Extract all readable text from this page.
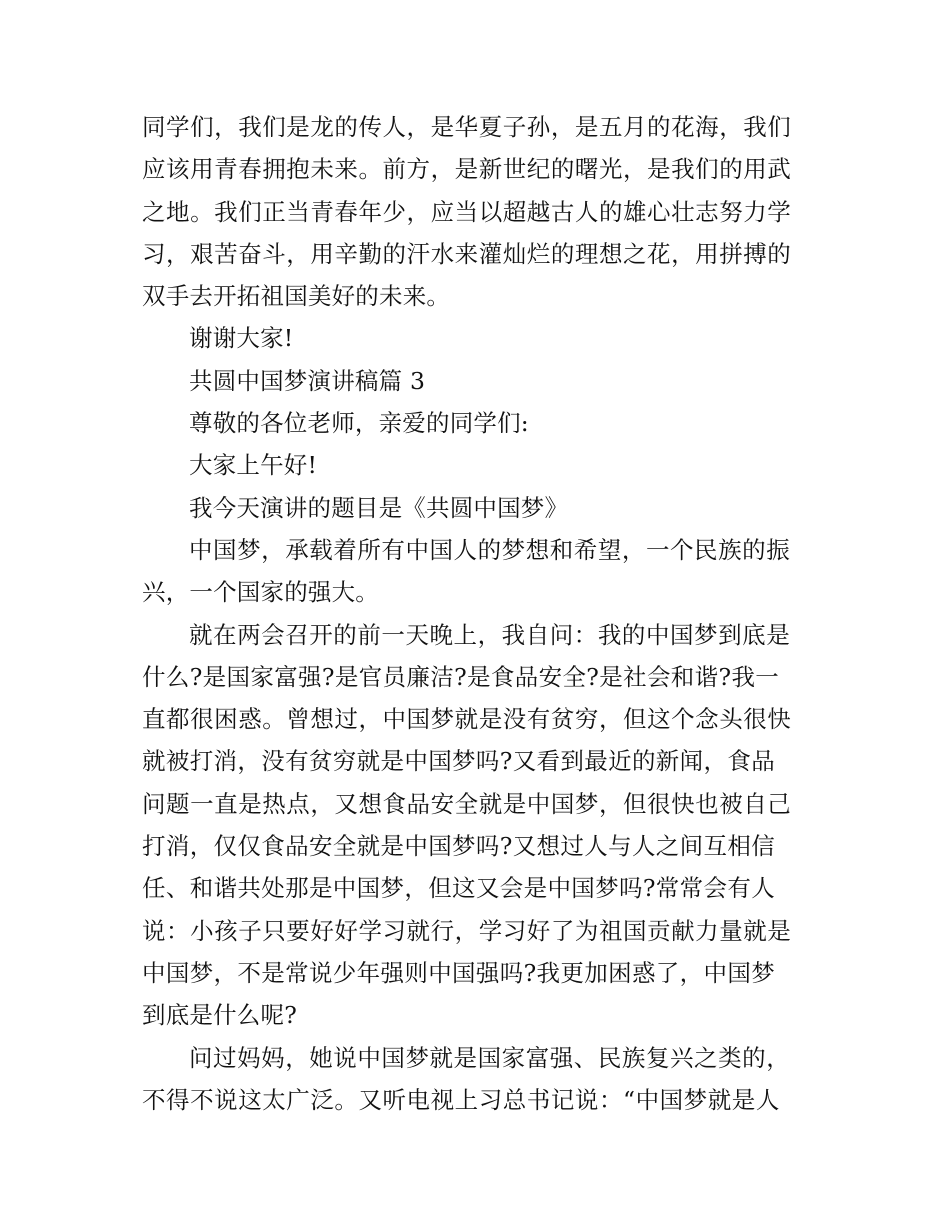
同学们，我们是龙的传人，是华夏子孙，是五月的花海，我们
应该用青春拥抱未来。前方，是新世纪的曙光，是我们的用武
之地。我们正当青春年少，应当以超越古人的雄心壮志努力学
习，艰苦奋斗，用辛勤的汗水来灌灿烂的理想之花，用拼搏的
双手去开拓祖国美好的未来。
谢谢大家!
共圆中国梦演讲稿篇 3
尊敬的各位老师，亲爱的同学们:
大家上午好!
我今天演讲的题目是《共圆中国梦》
中国梦，承载着所有中国人的梦想和希望，一个民族的振
兴，一个国家的强大。
就在两会召开的前一天晚上，我自问：我的中国梦到底是
什么?是国家富强?是官员廉洁?是食品安全?是社会和谐?我一
直都很困惑。曾想过，中国梦就是没有贫穷，但这个念头很快
就被打消，没有贫穷就是中国梦吗?又看到最近的新闻，食品
问题一直是热点，又想食品安全就是中国梦，但很快也被自己
打消，仅仅食品安全就是中国梦吗?又想过人与人之间互相信
任、和谐共处那是中国梦，但这又会是中国梦吗?常常会有人
说：小孩子只要好好学习就行，学习好了为祖国贡献力量就是
中国梦，不是常说少年强则中国强吗?我更加困惑了，中国梦
到底是什么呢?
问过妈妈，她说中国梦就是国家富强、民族复兴之类的，
不得不说这太广泛。又听电视上习总书记说：“中国梦就是人
